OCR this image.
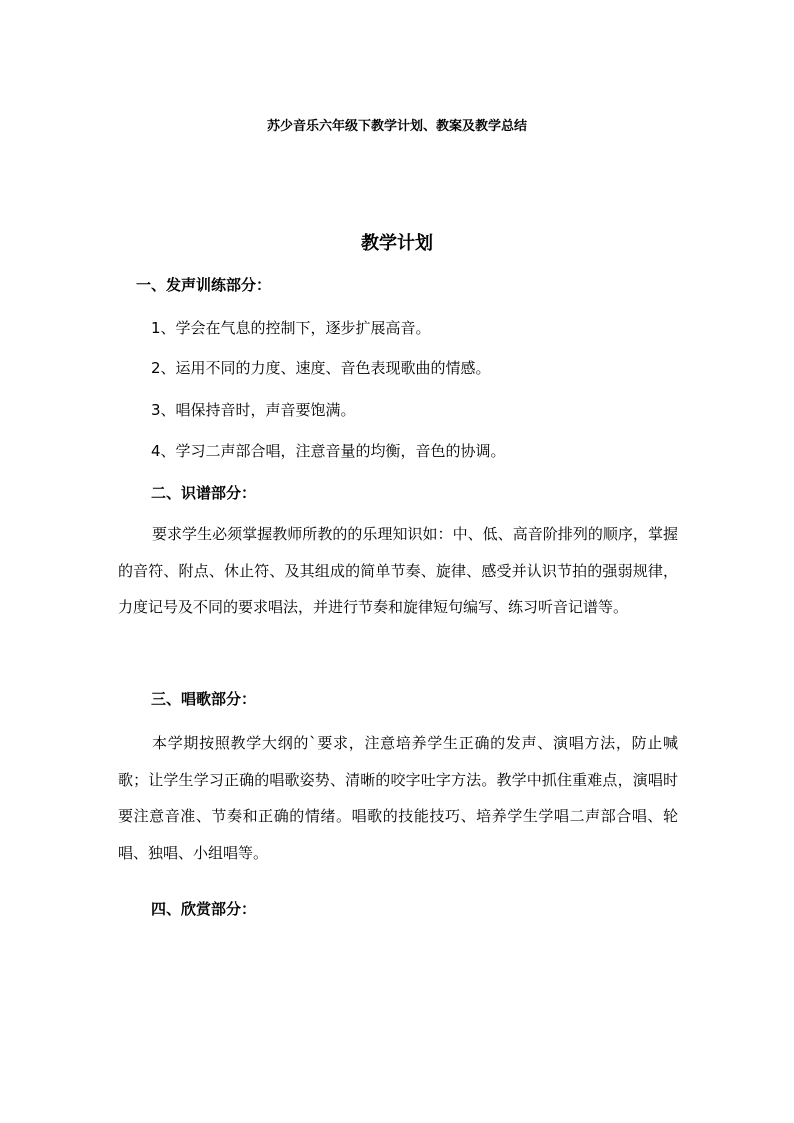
苏少音乐六年级下教学计划、教案及教学总结
教学计划
一、发声训练部分：
1、学会在气息的控制下，逐步扩展高音。
2、运用不同的力度、速度、音色表现歌曲的情感。
3、唱保持音时，声音要饱满。
4、学习二声部合唱，注意音量的均衡，音色的协调。
二、识谱部分：

要求学生必须掌握教师所教的的乐理知识如：中、低、高音阶排列的顺序，掌握的音符、附点、休止符、及其组成的简单节奏、旋律、感受并认识节拍的强弱规律，力度记号及不同的要求唱法，并进行节奏和旋律短句编写、练习听音记谱等。

三、唱歌部分：

本学期按照教学大纲的`要求，注意培养学生正确的发声、演唱方法，防止喊歌；让学生学习正确的唱歌姿势、清晰的咬字吐字方法。教学中抓住重难点，演唱时要注意音准、节奏和正确的情绪。唱歌的技能技巧、培养学生学唱二声部合唱、轮唱、独唱、小组唱等。

四、欣赏部分：
